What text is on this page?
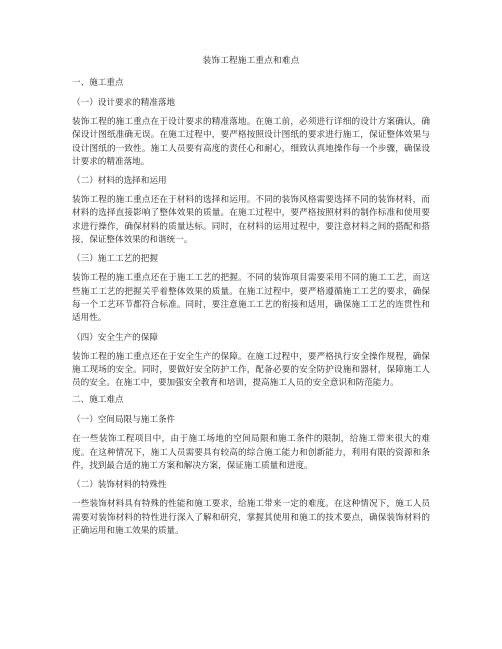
装饰工程施工重点和难点
一、施工重点
（一）设计要求的精准落地
装饰工程的施工重点在于设计要求的精准落地。在施工前，必须进行详细的设计方案确认，确保设计图纸准确无误。在施工过程中，要严格按照设计图纸的要求进行施工，保证整体效果与设计图纸的一致性。施工人员要有高度的责任心和耐心，细致认真地操作每一个步骤，确保设计要求的精准落地。
（二）材料的选择和运用
装饰工程的施工重点还在于材料的选择和运用。不同的装饰风格需要选择不同的装饰材料，而材料的选择直接影响了整体效果的质量。在施工过程中，要严格按照材料的制作标准和使用要求进行操作，确保材料的质量达标。同时，在材料的运用过程中，要注意材料之间的搭配和搭接，保证整体效果的和谐统一。
（三）施工工艺的把握
装饰工程的施工重点还在于施工工艺的把握。不同的装饰项目需要采用不同的施工工艺，而这些施工工艺的把握关乎着整体效果的质量。在施工过程中，要严格遵循施工工艺的要求，确保每一个工艺环节都符合标准。同时，要注意施工工艺的衔接和适用，确保施工工艺的连贯性和适用性。
（四）安全生产的保障
装饰工程的施工重点还在于安全生产的保障。在施工过程中，要严格执行安全操作规程，确保施工现场的安全。同时，要做好安全防护工作，配备必要的安全防护设施和器材，保障施工人员的安全。在施工中，要加强安全教育和培训，提高施工人员的安全意识和防范能力。
二、施工难点
（一）空间局限与施工条件
在一些装饰工程项目中，由于施工场地的空间局限和施工条件的限制，给施工带来很大的难度。在这种情况下，施工人员需要具有较高的综合施工能力和创新能力，利用有限的资源和条件，找到最合适的施工方案和解决方案，保证施工质量和进度。
（二）装饰材料的特殊性
一些装饰材料具有特殊的性能和施工要求，给施工带来一定的难度。在这种情况下，施工人员需要对装饰材料的特性进行深入了解和研究，掌握其使用和施工的技术要点，确保装饰材料的正确运用和施工效果的质量。
